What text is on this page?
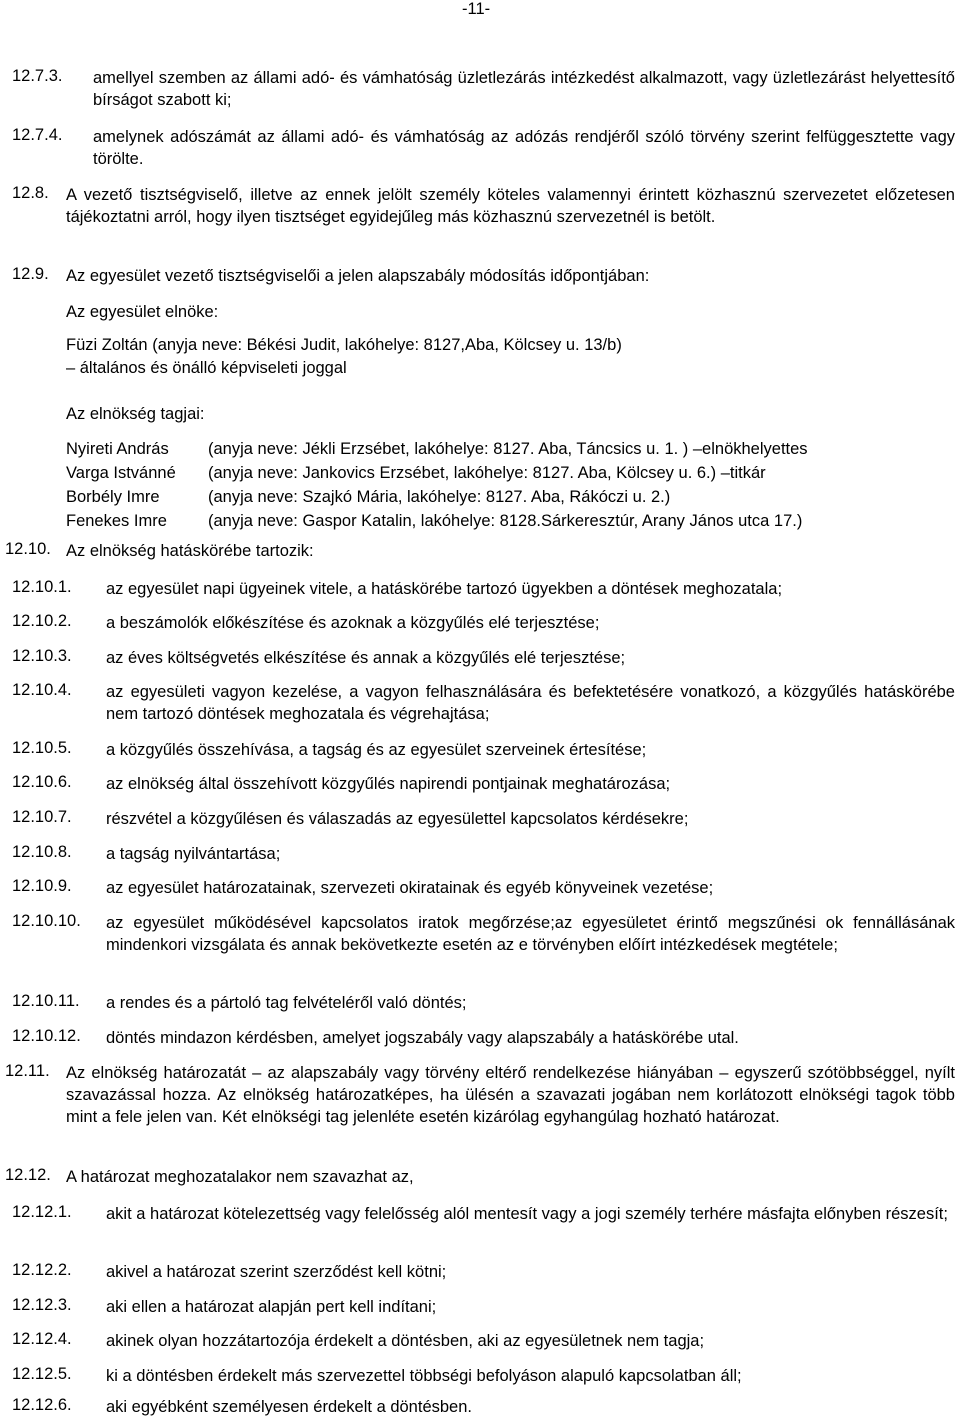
-11-
12.7.3. amellyel szemben az állami adó- és vámhatóság üzletlezárás intézkedést alkalmazott, vagy üzletlezárást helyettesítő bírságot szabott ki;
12.7.4. amelynek adószámát az állami adó- és vámhatóság az adózás rendjéről szóló törvény szerint felfüggesztette vagy törölte.
12.8. A vezető tisztségviselő, illetve az ennek jelölt személy köteles valamennyi érintett közhasznú szervezetet előzetesen tájékoztatni arról, hogy ilyen tisztséget egyidejűleg más közhasznú szervezetnél is betölt.
12.9. Az egyesület vezető tisztségviselői a jelen alapszabály módosítás időpontjában:
Az egyesület elnöke:
Füzi Zoltán (anyja neve: Békési Judit, lakóhelye: 8127,Aba, Kölcsey u. 13/b)
– általános és önálló képviseleti joggal
Az elnökség tagjai:
Nyireti András (anyja neve: Jékli Erzsébet, lakóhelye: 8127. Aba, Táncsics u. 1. ) –elnökhelyettes
Varga Istvánné (anyja neve: Jankovics Erzsébet, lakóhelye: 8127. Aba, Kölcsey u. 6.) –titkár
Borbély Imre	(anyja neve: Szajkó Mária, lakóhelye: 8127. Aba, Rákóczi u. 2.)
Fenekes Imre (anyja neve: Gaspor Katalin, lakóhelye: 8128.Sárkeresztúr, Arany János utca 17.)
12.10. Az elnökség hatáskörébe tartozik:
12.10.1. az egyesület napi ügyeinek vitele, a hatáskörébe tartozó ügyekben a döntések meghozatala;
12.10.2. a beszámolók előkészítése és azoknak a közgyűlés elé terjesztése;
12.10.3. az éves költségvetés elkészítése és annak a közgyűlés elé terjesztése;
12.10.4. az egyesületi vagyon kezelése, a vagyon felhasználására és befektetésére vonatkozó, a közgyűlés hatáskörébe nem tartozó döntések meghozatala és végrehajtása;
12.10.5. a közgyűlés összehívása, a tagság és az egyesület szerveinek értesítése;
12.10.6. az elnökség által összehívott közgyűlés napirendi pontjainak meghatározása;
12.10.7. részvétel a közgyűlésen és válaszadás az egyesülettel kapcsolatos kérdésekre;
12.10.8. a tagság nyilvántartása;
12.10.9. az egyesület határozatainak, szervezeti okiratainak és egyéb könyveinek vezetése;
12.10.10. az egyesület működésével kapcsolatos iratok megőrzése;az egyesületet érintő megszűnési ok fennállásának mindenkori vizsgálata és annak bekövetkezte esetén az e törvényben előírt intézkedések megtétele;
12.10.11. a rendes és a pártoló tag felvételéről való döntés;
12.10.12. döntés mindazon kérdésben, amelyet jogszabály vagy alapszabály a hatáskörébe utal.
12.11. Az elnökség határozatát – az alapszabály vagy törvény eltérő rendelkezése hiányában – egyszerű szótöbbséggel, nyílt szavazással hozza. Az elnökség határozatképes, ha ülésén a szavazati jogában nem korlátozott elnökségi tagok több mint a fele jelen van. Két elnökségi tag jelenléte esetén kizárólag egyhangúlag hozható határozat.
12.12. A határozat meghozatalakor nem szavazhat az,
12.12.1. akit a határozat kötelezettség vagy felelősség alól mentesít vagy a jogi személy terhére másfajta előnyben részesít;
12.12.2. akivel a határozat szerint szerződést kell kötni;
12.12.3. aki ellen a határozat alapján pert kell indítani;
12.12.4. akinek olyan hozzátartozója érdekelt a döntésben, aki az egyesületnek nem tagja;
12.12.5. ki a döntésben érdekelt más szervezettel többségi befolyáson alapuló kapcsolatban áll;
12.12.6. aki egyébként személyesen érdekelt a döntésben.
